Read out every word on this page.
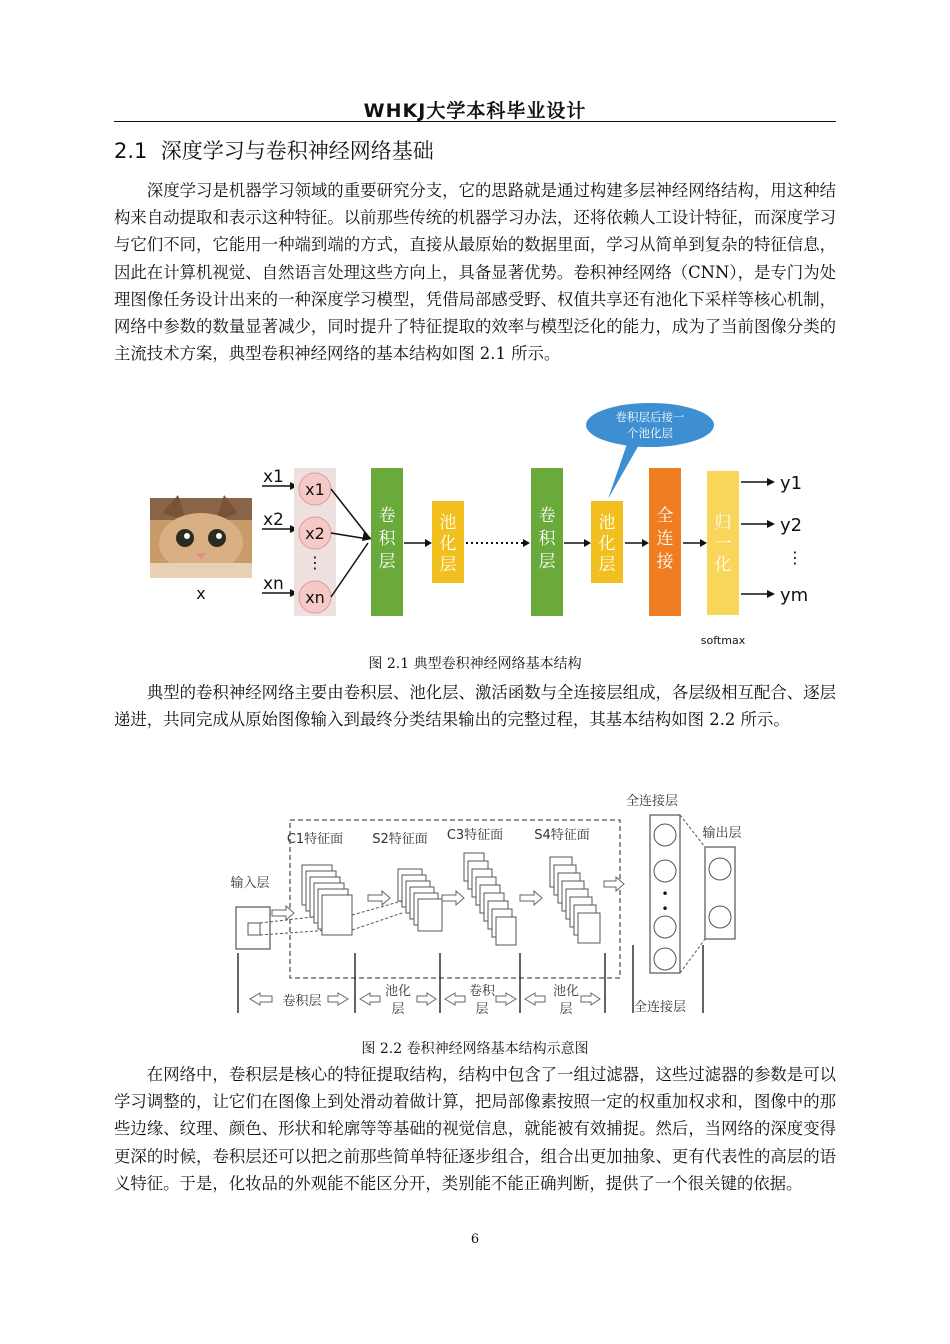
WHKJ大学本科毕业设计
2.1 深度学习与卷积神经网络基础

深度学习是机器学习领域的重要研究分支，它的思路就是通过构建多层神经网络结构，用这种结构来自动提取和表示这种特征。以前那些传统的机器学习办法，还将依赖人工设计特征，而深度学习与它们不同，它能用一种端到端的方式，直接从最原始的数据里面，学习从简单到复杂的特征信息，因此在计算机视觉、自然语言处理这些方向上，具备显著优势。卷积神经网络（CNN），是专门为处理图像任务设计出来的一种深度学习模型，凭借局部感受野、权值共享还有池化下采样等核心机制，网络中参数的数量显著减少，同时提升了特征提取的效率与模型泛化的能力，成为了当前图像分类的主流技术方案，典型卷积神经网络的基本结构如图 2.1 所示。

x
x1
x2
xn
x1
x2
xn
⋮
卷
积
层
池
化
层
卷
积
层
池
化
层
卷积层后接一
个池化层
全
连
接
归
一
化
y1
y2
⋮
ym
softmax
图 2.1 典型卷积神经网络基本结构

典型的卷积神经网络主要由卷积层、池化层、激活函数与全连接层组成，各层级相互配合、逐层递进，共同完成从原始图像输入到最终分类结果输出的完整过程，其基本结构如图 2.2 所示。

输入层
C1特征面 S2特征面 C3特征面 S4特征面
全连接层
输出层
•
•
卷积层
池化
层
卷积
层
池化
层	全连接层
图 2.2 卷积神经网络基本结构示意图

在网络中，卷积层是核心的特征提取结构，结构中包含了一组过滤器，这些过滤器的参数是可以学习调整的，让它们在图像上到处滑动着做计算，把局部像素按照一定的权重加权求和，图像中的那些边缘、纹理、颜色、形状和轮廓等等基础的视觉信息，就能被有效捕捉。然后，当网络的深度变得更深的时候，卷积层还可以把之前那些简单特征逐步组合，组合出更加抽象、更有代表性的高层的语义特征。于是，化妆品的外观能不能区分开，类别能不能正确判断，提供了一个很关键的依据。

6
